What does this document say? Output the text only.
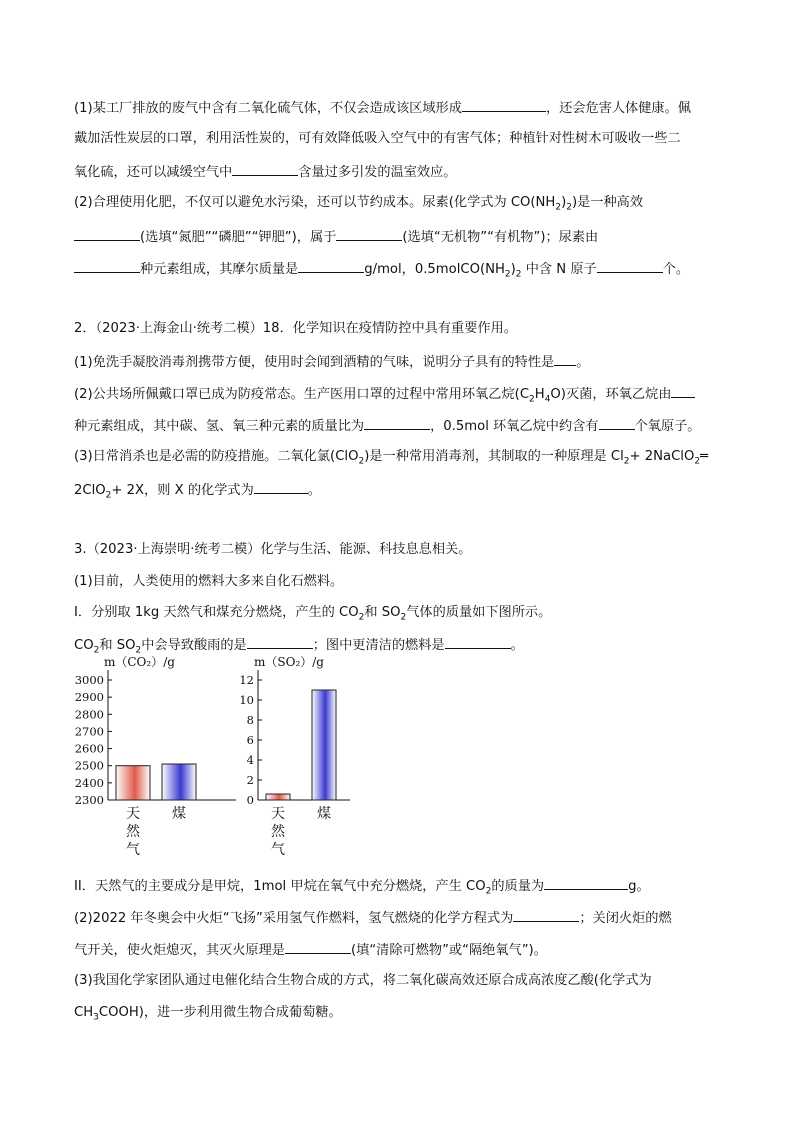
(1)某工厂排放的废气中含有二氧化硫气体，不仅会造成该区域形成	，还会危害人体健康。佩
戴加活性炭层的口罩，利用活性炭的，可有效降低吸入空气中的有害气体；种植针对性树木可吸收一些二
氧化硫，还可以减缓空气中	含量过多引发的温室效应。
(2)合理使用化肥，不仅可以避免水污染，还可以节约成本。尿素(化学式为 $CO(NH_2)_2$)是一种高效
(选填“氮肥”“磷肥”“钾肥”)，属于	(选填“无机物”“有机物”)；尿素由
种元素组成，其摩尔质量是	g/mol，$0.5molCO(NH_2)_2$ 中含 N 原子	个。
2．（2023·上海金山·统考二模）18．化学知识在疫情防控中具有重要作用。
(1)免洗手凝胶消毒剂携带方便，使用时会闻到酒精的气味，说明分子具有的特性是 。
(2)公共场所佩戴口罩已成为防疫常态。生产医用口罩的过程中常用环氧乙烷$(C_2H_4O)$灭菌，环氧乙烷由
种元素组成，其中碳、氢、氧三种元素的质量比为	，0.5mol 环氧乙烷中约含有	个氧原子。
(3)日常消杀也是必需的防疫措施。二氧化氯(ClO$_2$)是一种常用消毒剂，其制取的一种原理是 $Cl_2+$ 2NaClO$_2$═
2ClO$_2$+ 2X，则 X 的化学式为	。
3.（2023·上海崇明·统考二模）化学与生活、能源、科技息息相关。
(1)目前，人类使用的燃料大多来自化石燃料。
I．分别取 1kg 天然气和煤充分燃烧，产生的 $CO_2$和 $SO_2$气体的质量如下图所示。
$CO_2$和 $SO_2$中会导致酸雨的是	；图中更清洁的燃料是	。
m（CO₂）/g
2300
2400
2500
2600
2700
2800
2900
3000
天
然
气
煤
m（SO₂）/g
0
2
4
6
8
10
12
天
然
气
煤
II．天然气的主要成分是甲烷，1mol 甲烷在氧气中充分燃烧，产生 $CO_2$的质量为	g。
(2)2022 年冬奥会中火炬“飞扬”采用氢气作燃料，氢气燃烧的化学方程式为	；关闭火炬的燃
气开关，使火炬熄灭，其灭火原理是	(填“清除可燃物”或“隔绝氧气”)。
(3)我国化学家团队通过电催化结合生物合成的方式，将二氧化碳高效还原合成高浓度乙酸(化学式为
$CH_3COOH$)，进一步利用微生物合成葡萄糖。
